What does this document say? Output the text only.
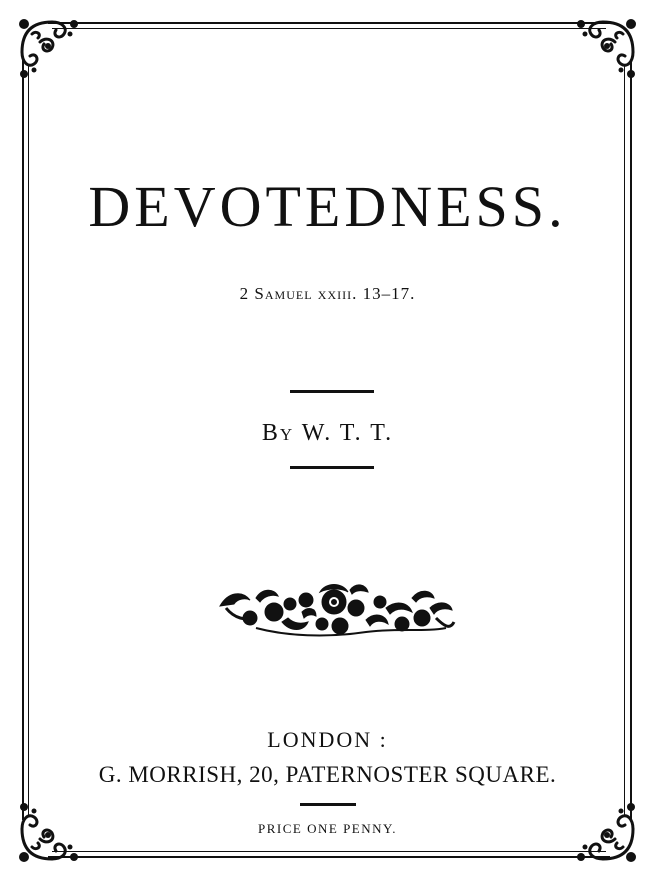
DEVOTEDNESS.
2 Samuel xxiii. 13–17.
By W. T. T.
LONDON :
G. MORRISH, 20, PATERNOSTER SQUARE.
PRICE ONE PENNY.
